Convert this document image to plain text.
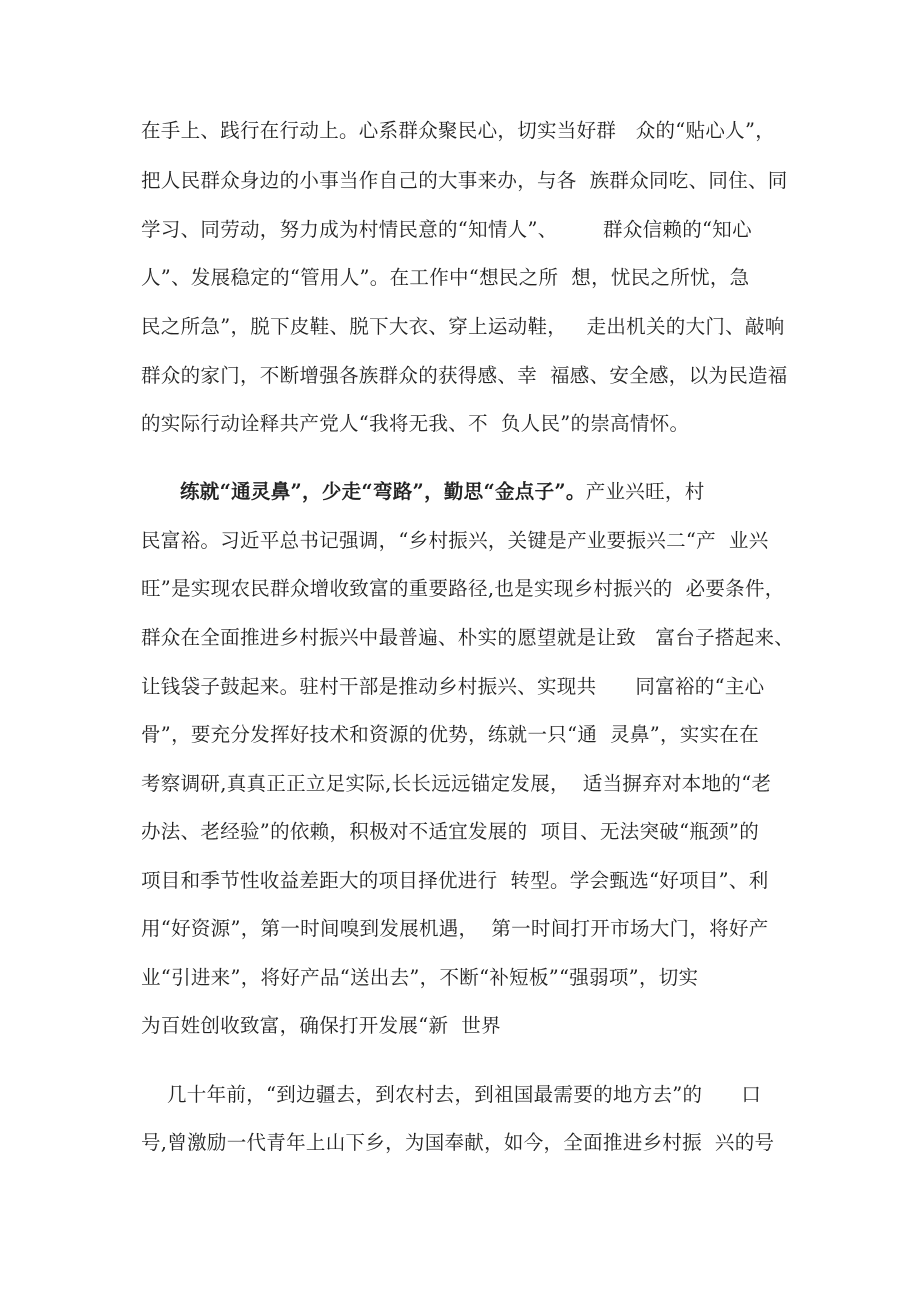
在手上、践行在行动上。心系群众聚民心，切实当好群   众的“贴心人”，
把人民群众身边的小事当作自己的大事来办，与各  族群众同吃、同住、同
学习、同劳动，努力成为村情民意的“知情人”、       群众信赖的“知心
人”、发展稳定的“管用人”。在工作中“想民之所  想，忧民之所忧，急
民之所急”，脱下皮鞋、脱下大衣、穿上运动鞋，   走出机关的大门、敲响
群众的家门，不断增强各族群众的获得感、幸  福感、安全感，以为民造福
的实际行动诠释共产党人“我将无我、不  负人民”的崇高情怀。
练就“通灵鼻”，少走“弯路”，勤思“金点子”。产业兴旺，村
民富裕。习近平总书记强调，“乡村振兴，关键是产业要振兴二“产  业兴
旺”是实现农民群众增收致富的重要路径,也是实现乡村振兴的  必要条件，
群众在全面推进乡村振兴中最普遍、朴实的愿望就是让致   富台子搭起来、
让钱袋子鼓起来。驻村干部是推动乡村振兴、实现共      同富裕的“主心
骨”，要充分发挥好技术和资源的优势，练就一只“通  灵鼻”，实实在在
考察调研,真真正正立足实际,长长远远锚定发展，  适当摒弃对本地的“老
办法、老经验”的依赖，积极对不适宜发展的  项目、无法突破“瓶颈”的
项目和季节性收益差距大的项目择优进行  转型。学会甄选“好项目”、利
用“好资源”，第一时间嗅到发展机遇，  第一时间打开市场大门，将好产
业“引进来”，将好产品“送出去”，不断“补短板”“强弱项”，切实
为百姓创收致富，确保打开发展“新  世界
几十年前，“到边疆去，到农村去，到祖国最需要的地方去”的      口
号,曾激励一代青年上山下乡，为国奉献，如今，全面推进乡村振  兴的号
